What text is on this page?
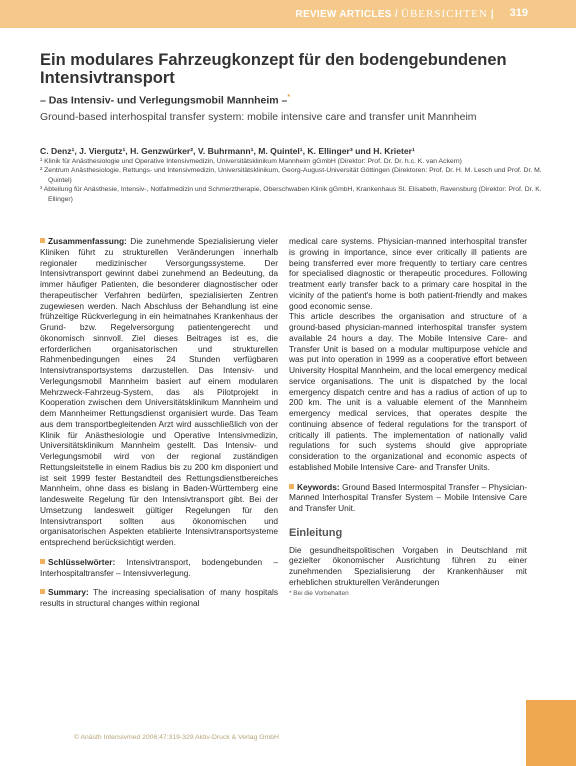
REVIEW ARTICLES / ÜBERSICHTEN | 319
Ein modulares Fahrzeugkonzept für den bodengebundenen Intensivtransport
– Das Intensiv- und Verlegungsmobil Mannheim –*
Ground-based interhospital transfer system: mobile intensive care and transfer unit Mannheim
C. Denz¹, J. Viergutz¹, H. Genzwürker², V. Buhrmann¹, M. Quintel¹, K. Ellinger³ und H. Krieter¹

¹ Klinik für Anästhesiologie und Operative Intensivmedizin, Universitätsklinikum Mannheim gGmbH (Direktor: Prof. Dr. Dr. h.c. K. van Ackern)

² Zentrum Anästhesiologie, Rettungs- und Intensivmedizin, Universitätsklinikum, Georg-August-Universität Göttingen (Direktoren: Prof. Dr. H. M. Lesch und Prof. Dr. M. Quintel)

³ Abteilung für Anästhesie, Intensiv-, Notfallmedizin und Schmerztherapie, Oberschwaben Klinik gGmbH, Krankenhaus St. Elisabeth, Ravensburg (Direktor: Prof. Dr. K. Ellinger)

Zusammenfassung: Die zunehmende Spezialisierung vieler Kliniken führt zu strukturellen Veränderungen innerhalb regionaler medizinischer Versorgungssysteme. Der Intensivtransport gewinnt dabei zunehmend an Bedeutung, da immer häufiger Patienten, die besonderer diagnostischer oder therapeutischer Verfahren bedürfen, spezialisierten Zentren zugewiesen werden. Nach Abschluss der Behandlung ist eine frühzeitige Rückverlegung in ein heimatnahes Krankenhaus der Grund- bzw. Regelversorgung patientengerecht und ökonomisch sinnvoll. Ziel dieses Beitrages ist es, die erforderlichen organisatorischen und strukturellen Rahmenbedingungen eines 24 Stunden verfügbaren Intensivtransportsystems darzustellen. Das Intensiv- und Verlegungsmobil Mannheim basiert auf einem modularen Mehrzweck-Fahrzeug-System, das als Pilotprojekt in Kooperation zwischen dem Universitätsklinikum Mannheim und dem Mannheimer Rettungsdienst organisiert wurde. Das Team aus dem transportbegleitenden Arzt wird ausschließlich von der Klinik für Anästhesiologie und Operative Intensivmedizin, Universitätsklinikum Mannheim gestellt. Das Intensiv- und Verlegungsmobil wird von der regional zuständigen Rettungsleitstelle in einem Radius bis zu 200 km disponiert und ist seit 1999 fester Bestandteil des Rettungsdienstbereiches Mannheim, ohne dass es bislang in Baden-Württemberg eine landesweite Regelung für den Intensivtransport gibt. Bei der Umsetzung landesweit gültiger Regelungen für den Intensivtransport sollten aus ökonomischen und organisatorischen Aspekten etablierte Intensivtransportsysteme entsprechend berücksichtigt werden.

Schlüsselwörter: Intensivtransport, bodengebunden – Interhospitaltransfer – Intensivverlegung.

Summary: The increasing specialisation of many hospitals results in structural changes within regional

medical care systems. Physician-manned interhospital transfer is growing in importance, since ever critically ill patients are being transferred ever more frequently to tertiary care centres for specialised diagnostic or therapeutic procedures. Following treatment early transfer back to a primary care hospital in the vicinity of the patient's home is both patient-friendly and makes good economic sense.

This article describes the organisation and structure of a ground-based physician-manned interhospital transfer system available 24 hours a day. The Mobile Intensive Care- and Transfer Unit is based on a modular multipurpose vehicle and was put into operation in 1999 as a cooperative effort between University Hospital Mannheim, and the local emergency medical service organisations. The unit is dispatched by the local emergency dispatch centre and has a radius of action of up to 200 km. The unit is a valuable element of the Mannheim emergency medical services, that operates despite the continuing absence of federal regulations for the transport of critically ill patients. The implementation of nationally valid regulations for such systems should give appropriate consideration to the organizational and economic aspects of established Mobile Intensive Care- and Transfer Units.

Keywords: Ground Based Intermospital Transfer – Physician-Manned Interhospital Transfer System – Mobile Intensive Care and Transfer Unit.

Einleitung

Die gesundheitspolitischen Vorgaben in Deutschland mit gezielter ökonomischer Ausrichtung führen zu einer zunehmenden Spezialisierung der Krankenhäuser mit erheblichen strukturellen Veränderungen

* Bei die Vorbehalten
© Anästh Intensivmed 2006;47:319-329 Aktiv-Druck & Verlag GmbH
